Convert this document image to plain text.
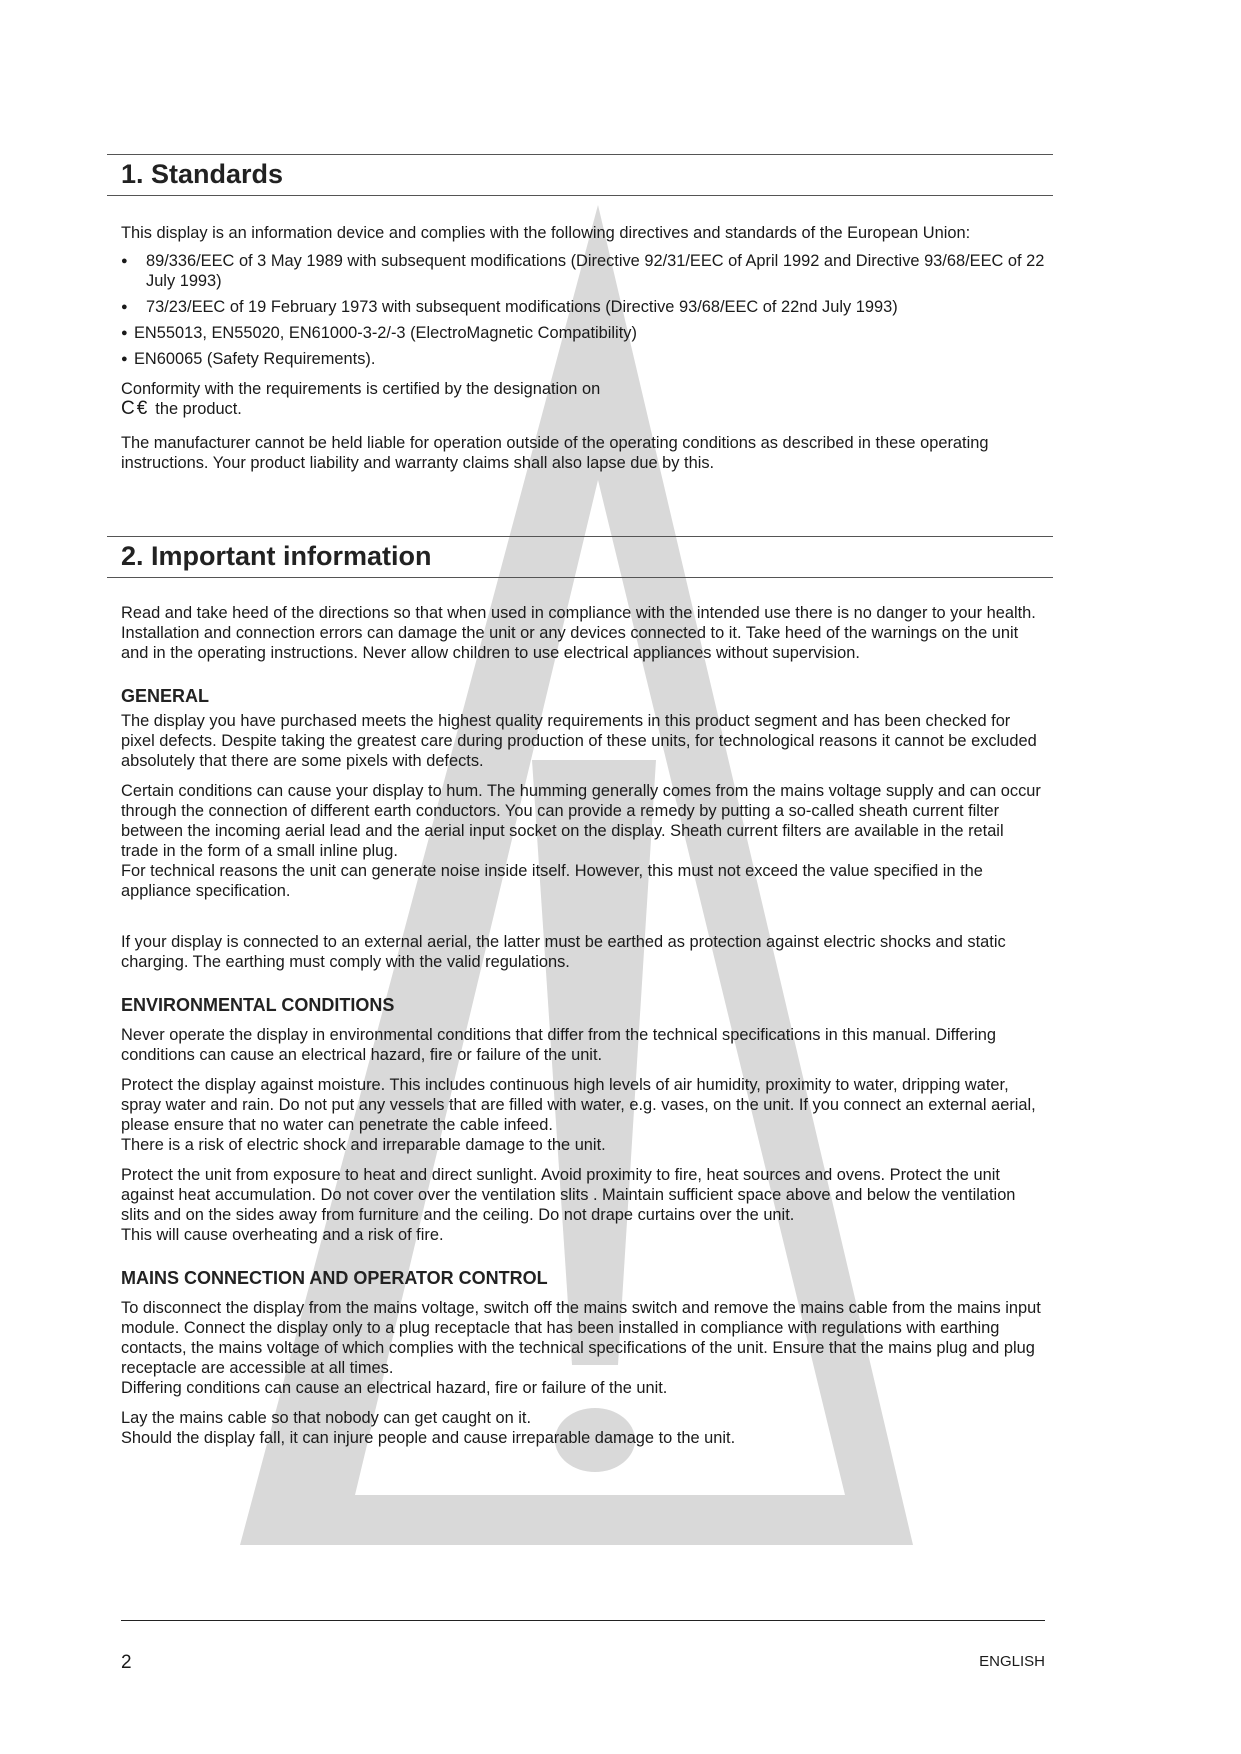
1. Standards

This display is an information device and complies with the following directives and standards of the European Union:

● 89/336/EEC of 3 May 1989 with subsequent modifications (Directive 92/31/EEC of April 1992 and Directive 93/68/EEC of 22 July 1993)
● 73/23/EEC of 19 February 1973 with subsequent modifications (Directive 93/68/EEC of 22nd July 1993)
● EN55013, EN55020, EN61000-3-2/-3 (ElectroMagnetic Compatibility)
● EN60065 (Safety Requirements).

Conformity with the requirements is certified by the designation on

C€ the product.

The manufacturer cannot be held liable for operation outside of the operating conditions as described in these operating instructions. Your product liability and warranty claims shall also lapse due by this.

2. Important information

Read and take heed of the directions so that when used in compliance with the intended use there is no danger to your health. Installation and connection errors can damage the unit or any devices connected to it. Take heed of the warnings on the unit and in the operating instructions. Never allow children to use electrical appliances without supervision.

GENERAL

The display you have purchased meets the highest quality requirements in this product segment and has been checked for pixel defects. Despite taking the greatest care during production of these units, for technological reasons it cannot be excluded absolutely that there are some pixels with defects.

Certain conditions can cause your display to hum. The humming generally comes from the mains voltage supply and can occur through the connection of different earth conductors. You can provide a remedy by putting a so-called sheath current filter between the incoming aerial lead and the aerial input socket on the display. Sheath current filters are available in the retail trade in the form of a small inline plug.

For technical reasons the unit can generate noise inside itself. However, this must not exceed the value specified in the appliance specification.

If your display is connected to an external aerial, the latter must be earthed as protection against electric shocks and static charging. The earthing must comply with the valid regulations.

ENVIRONMENTAL CONDITIONS

Never operate the display in environmental conditions that differ from the technical specifications in this manual. Differing conditions can cause an electrical hazard, fire or failure of the unit.

Protect the display against moisture. This includes continuous high levels of air humidity, proximity to water, dripping water, spray water and rain. Do not put any vessels that are filled with water, e.g. vases, on the unit. If you connect an external aerial, please ensure that no water can penetrate the cable infeed.

There is a risk of electric shock and irreparable damage to the unit.

Protect the unit from exposure to heat and direct sunlight. Avoid proximity to fire, heat sources and ovens. Protect the unit against heat accumulation. Do not cover over the ventilation slits . Maintain sufficient space above and below the ventilation slits and on the sides away from furniture and the ceiling. Do not drape curtains over the unit.

This will cause overheating and a risk of fire.

MAINS CONNECTION AND OPERATOR CONTROL

To disconnect the display from the mains voltage, switch off the mains switch and remove the mains cable from the mains input module. Connect the display only to a plug receptacle that has been installed in compliance with regulations with earthing contacts, the mains voltage of which complies with the technical specifications of the unit. Ensure that the mains plug and plug receptacle are accessible at all times.

Differing conditions can cause an electrical hazard, fire or failure of the unit.

Lay the mains cable so that nobody can get caught on it.

Should the display fall, it can injure people and cause irreparable damage to the unit.

2	ENGLISH
